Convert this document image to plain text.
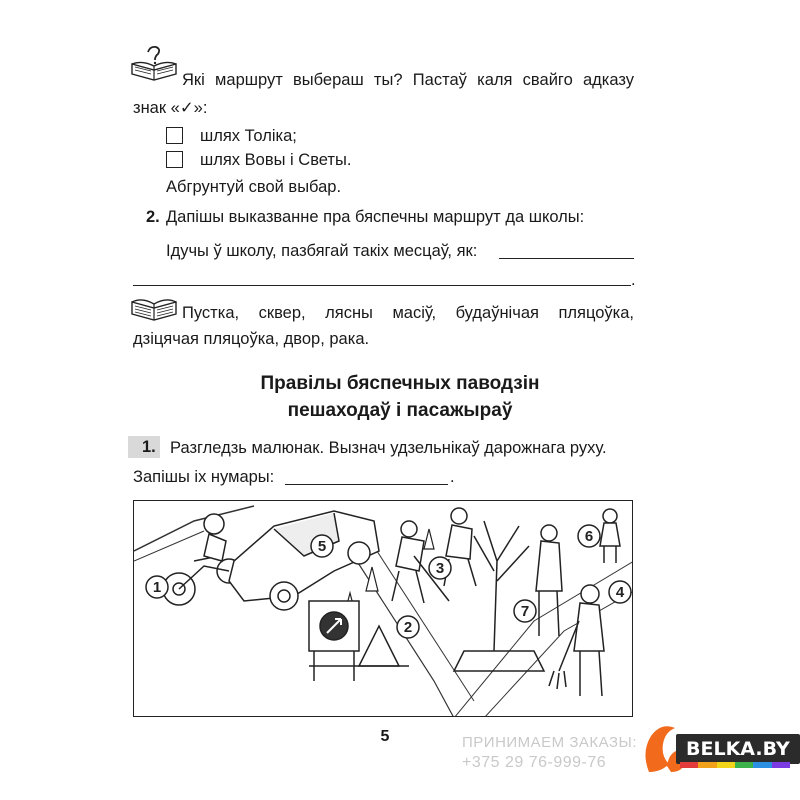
Які маршрут выбераш ты? Пастаў каля свайго адказу
знак «✓»:
шлях Толіка;
шлях Вовы і Светы.
Абгрунтуй свой выбар.
2. Дапішы выказванне пра бяспечны маршрут да школы:
Ідучы ў школу, пазбягай такіх месцаў, як:
.
Пустка, сквер, лясны масіў, будаўнічая пляцоўка,
дзіцячая пляцоўка, двор, рака.
Правілы бяспечных паводзін
пешаходаў і пасажыраў
1. Разгледзь малюнак. Вызнач удзельнікаў дарожнага руху.
Запішы іх нумары:	.
1
2
3
4
5
6
7
5	ПРИНИМАЕМ ЗАКАЗЫ:
+375 29 76-999-76
BELKA.BY
